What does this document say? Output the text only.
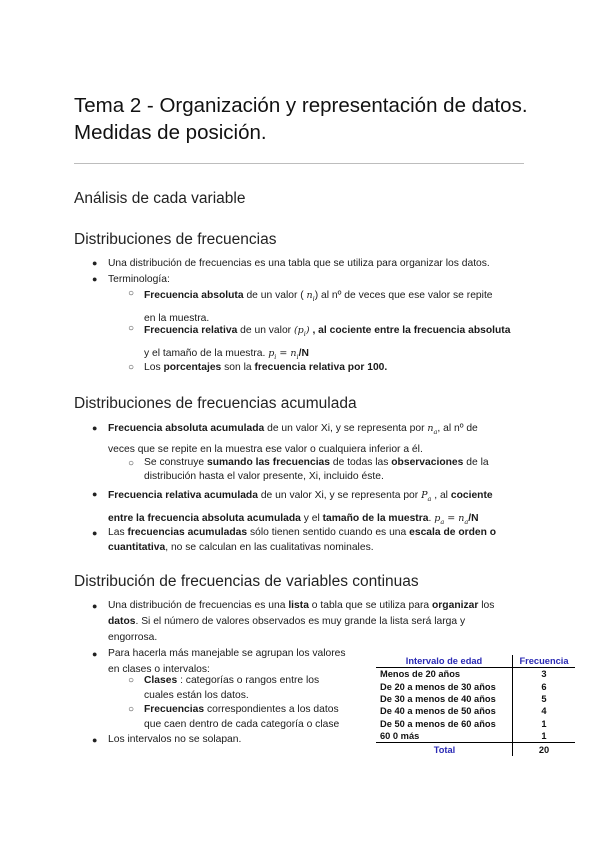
Tema 2 - Organización y representación de datos.
Medidas de posición.
Análisis de cada variable
Distribuciones de frecuencias
● Una distribución de frecuencias es una tabla que se utiliza para organizar los datos.
● Terminología:
○ Frecuencia absoluta de un valor ( $n_i$) al nº de veces que ese valor se repite
en la muestra.
○ Frecuencia relativa de un valor $(p_i)$ , al cociente entre la frecuencia absoluta
y el tamaño de la muestra. $p_i = n_i/N$
○ Los porcentajes son la frecuencia relativa por 100.
Distribuciones de frecuencias acumulada
● Frecuencia absoluta acumulada de un valor Xi, y se representa por $n_a$, al nº de
veces que se repite en la muestra ese valor o cualquiera inferior a él.
○ Se construye sumando las frecuencias de todas las observaciones de la
distribución hasta el valor presente, Xi, incluido éste.
● Frecuencia relativa acumulada de un valor Xi, y se representa por $P_a$ , al cociente
entre la frecuencia absoluta acumulada y el tamaño de la muestra. $p_a = n_a/N$
● Las frecuencias acumuladas sólo tienen sentido cuando es una escala de orden o
cuantitativa, no se calculan en las cualitativas nominales.
Distribución de frecuencias de variables continuas
● Una distribución de frecuencias es una lista o tabla que se utiliza para organizar los
datos. Si el número de valores observados es muy grande la lista será larga y
engorrosa.
● Para hacerla más manejable se agrupan los valores
en clases o intervalos:
○ Clases : categorías o rangos entre los
cuales están los datos.
○ Frecuencias correspondientes a los datos
que caen dentro de cada categoría o clase
● Los intervalos no se solapan.
Intervalo de edad	Frecuencia
Menos de 20 años	3
De 20 a menos de 30 años	6
De 30 a menos de 40 años	5
De 40 a menos de 50 años	4
De 50 a menos de 60 años	1
60 0 más	1
Total	20
